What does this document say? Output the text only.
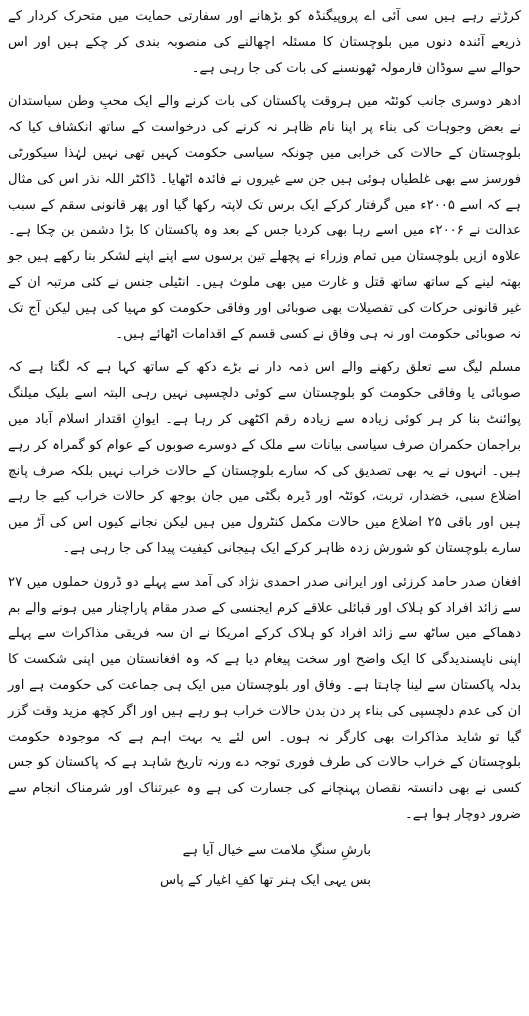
کرڑتے رہے ہیں سی آئی اے پروپیگنڈہ کو بڑھانے اور سفارتی حمایت میں متحرک کردار کے ذریعے آئندہ دنوں میں بلوچستان کا مسئلہ اچھالنے کی منصوبہ بندی کر چکے ہیں اور اس حوالے سے سوڈان فارمولہ ٹھونسنے کی بات کی جا رہی ہے۔

ادھر دوسری جانب کوئٹہ میں ہروقت پاکستان کی بات کرنے والے ایک محبِ وطن سیاستدان نے بعض وجوہات کی بناء پر اپنا نام ظاہر نہ کرنے کی درخواست کے ساتھ انکشاف کیا کہ بلوچستان کے حالات کی خرابی میں چونکہ سیاسی حکومت کہیں تھی نہیں لہٰذا سیکورٹی فورسز سے بھی غلطیاں ہوئی ہیں جن سے غیروں نے فائدہ اٹھایا۔ ڈاکٹر اللہ نذر اس کی مثال ہے کہ اسے ۲۰۰۵ء میں گرفتار کرکے ایک برس تک لاپتہ رکھا گیا اور پھر قانونی سقم کے سبب عدالت نے ۲۰۰۶ء میں اسے رہا بھی کردیا جس کے بعد وہ پاکستان کا بڑا دشمن بن چکا ہے۔ علاوہ ازیں بلوچستان میں تمام وزراء نے پچھلے تین برسوں سے اپنے اپنے لشکر بنا رکھے ہیں جو بھتہ لینے کے ساتھ ساتھ قتل و غارت میں بھی ملوث ہیں۔ انٹیلی جنس نے کئی مرتبہ ان کے غیر قانونی حرکات کی تفصیلات بھی صوبائی اور وفاقی حکومت کو مہیا کی ہیں لیکن آج تک نہ صوبائی حکومت اور نہ ہی وفاق نے کسی قسم کے اقدامات اٹھائے ہیں۔

مسلم لیگ سے تعلق رکھنے والے اس ذمہ دار نے بڑے دکھ کے ساتھ کہا ہے کہ لگتا ہے کہ صوبائی یا وفاقی حکومت کو بلوچستان سے کوئی دلچسپی نہیں رہی البتہ اسے بلیک میلنگ پوائنٹ بنا کر ہر کوئی زیادہ سے زیادہ رقم اکٹھی کر رہا ہے۔ ایوانِ اقتدار اسلام آباد میں براجمان حکمران صرف سیاسی بیانات سے ملک کے دوسرے صوبوں کے عوام کو گمراہ کر رہے ہیں۔ انہوں نے یہ بھی تصدیق کی کہ سارے بلوچستان کے حالات خراب نہیں بلکہ صرف پانچ اضلاع سبی، خضدار، تربت، کوئٹہ اور ڈیرہ بگٹی میں جان بوجھ کر حالات خراب کیے جا رہے ہیں اور باقی ۲۵ اضلاع میں حالات مکمل کنٹرول میں ہیں لیکن نجانے کیوں اس کی آڑ میں سارے بلوچستان کو شورش زدہ ظاہر کرکے ایک ہیجانی کیفیت پیدا کی جا رہی ہے۔

افغان صدر حامد کرزئی اور ایرانی صدر احمدی نژاد کی آمد سے پہلے دو ڈرون حملوں میں ۲۷ سے زائد افراد کو ہلاک اور قبائلی علاقے کرم ایجنسی کے صدر مقام پاراچنار میں ہونے والے بم دھماکے میں ساٹھ سے زائد افراد کو ہلاک کرکے امریکا نے ان سہ فریقی مذاکرات سے پہلے اپنی ناپسندیدگی کا ایک واضح اور سخت پیغام دیا ہے کہ وہ افغانستان میں اپنی شکست کا بدلہ پاکستان سے لینا چاہتا ہے۔ وفاق اور بلوچستان میں ایک ہی جماعت کی حکومت ہے اور ان کی عدم دلچسپی کی بناء پر دن بدن حالات خراب ہو رہے ہیں اور اگر کچھ مزید وقت گزر گیا تو شاید مذاکرات بھی کارگر نہ ہوں۔ اس لئے یہ بہت اہم ہے کہ موجودہ حکومت بلوچستان کے خراب حالات کی طرف فوری توجہ دے ورنہ تاریخ شاہد ہے کہ پاکستان کو جس کسی نے بھی دانستہ نقصان پہنچانے کی جسارت کی ہے وہ عبرتناک اور شرمناک انجام سے ضرور دوچار ہوا ہے۔

بارشِ سنگِ ملامت سے خیال آیا ہے
بس یہی ایک ہنر تھا کفِ اغیار کے پاس
